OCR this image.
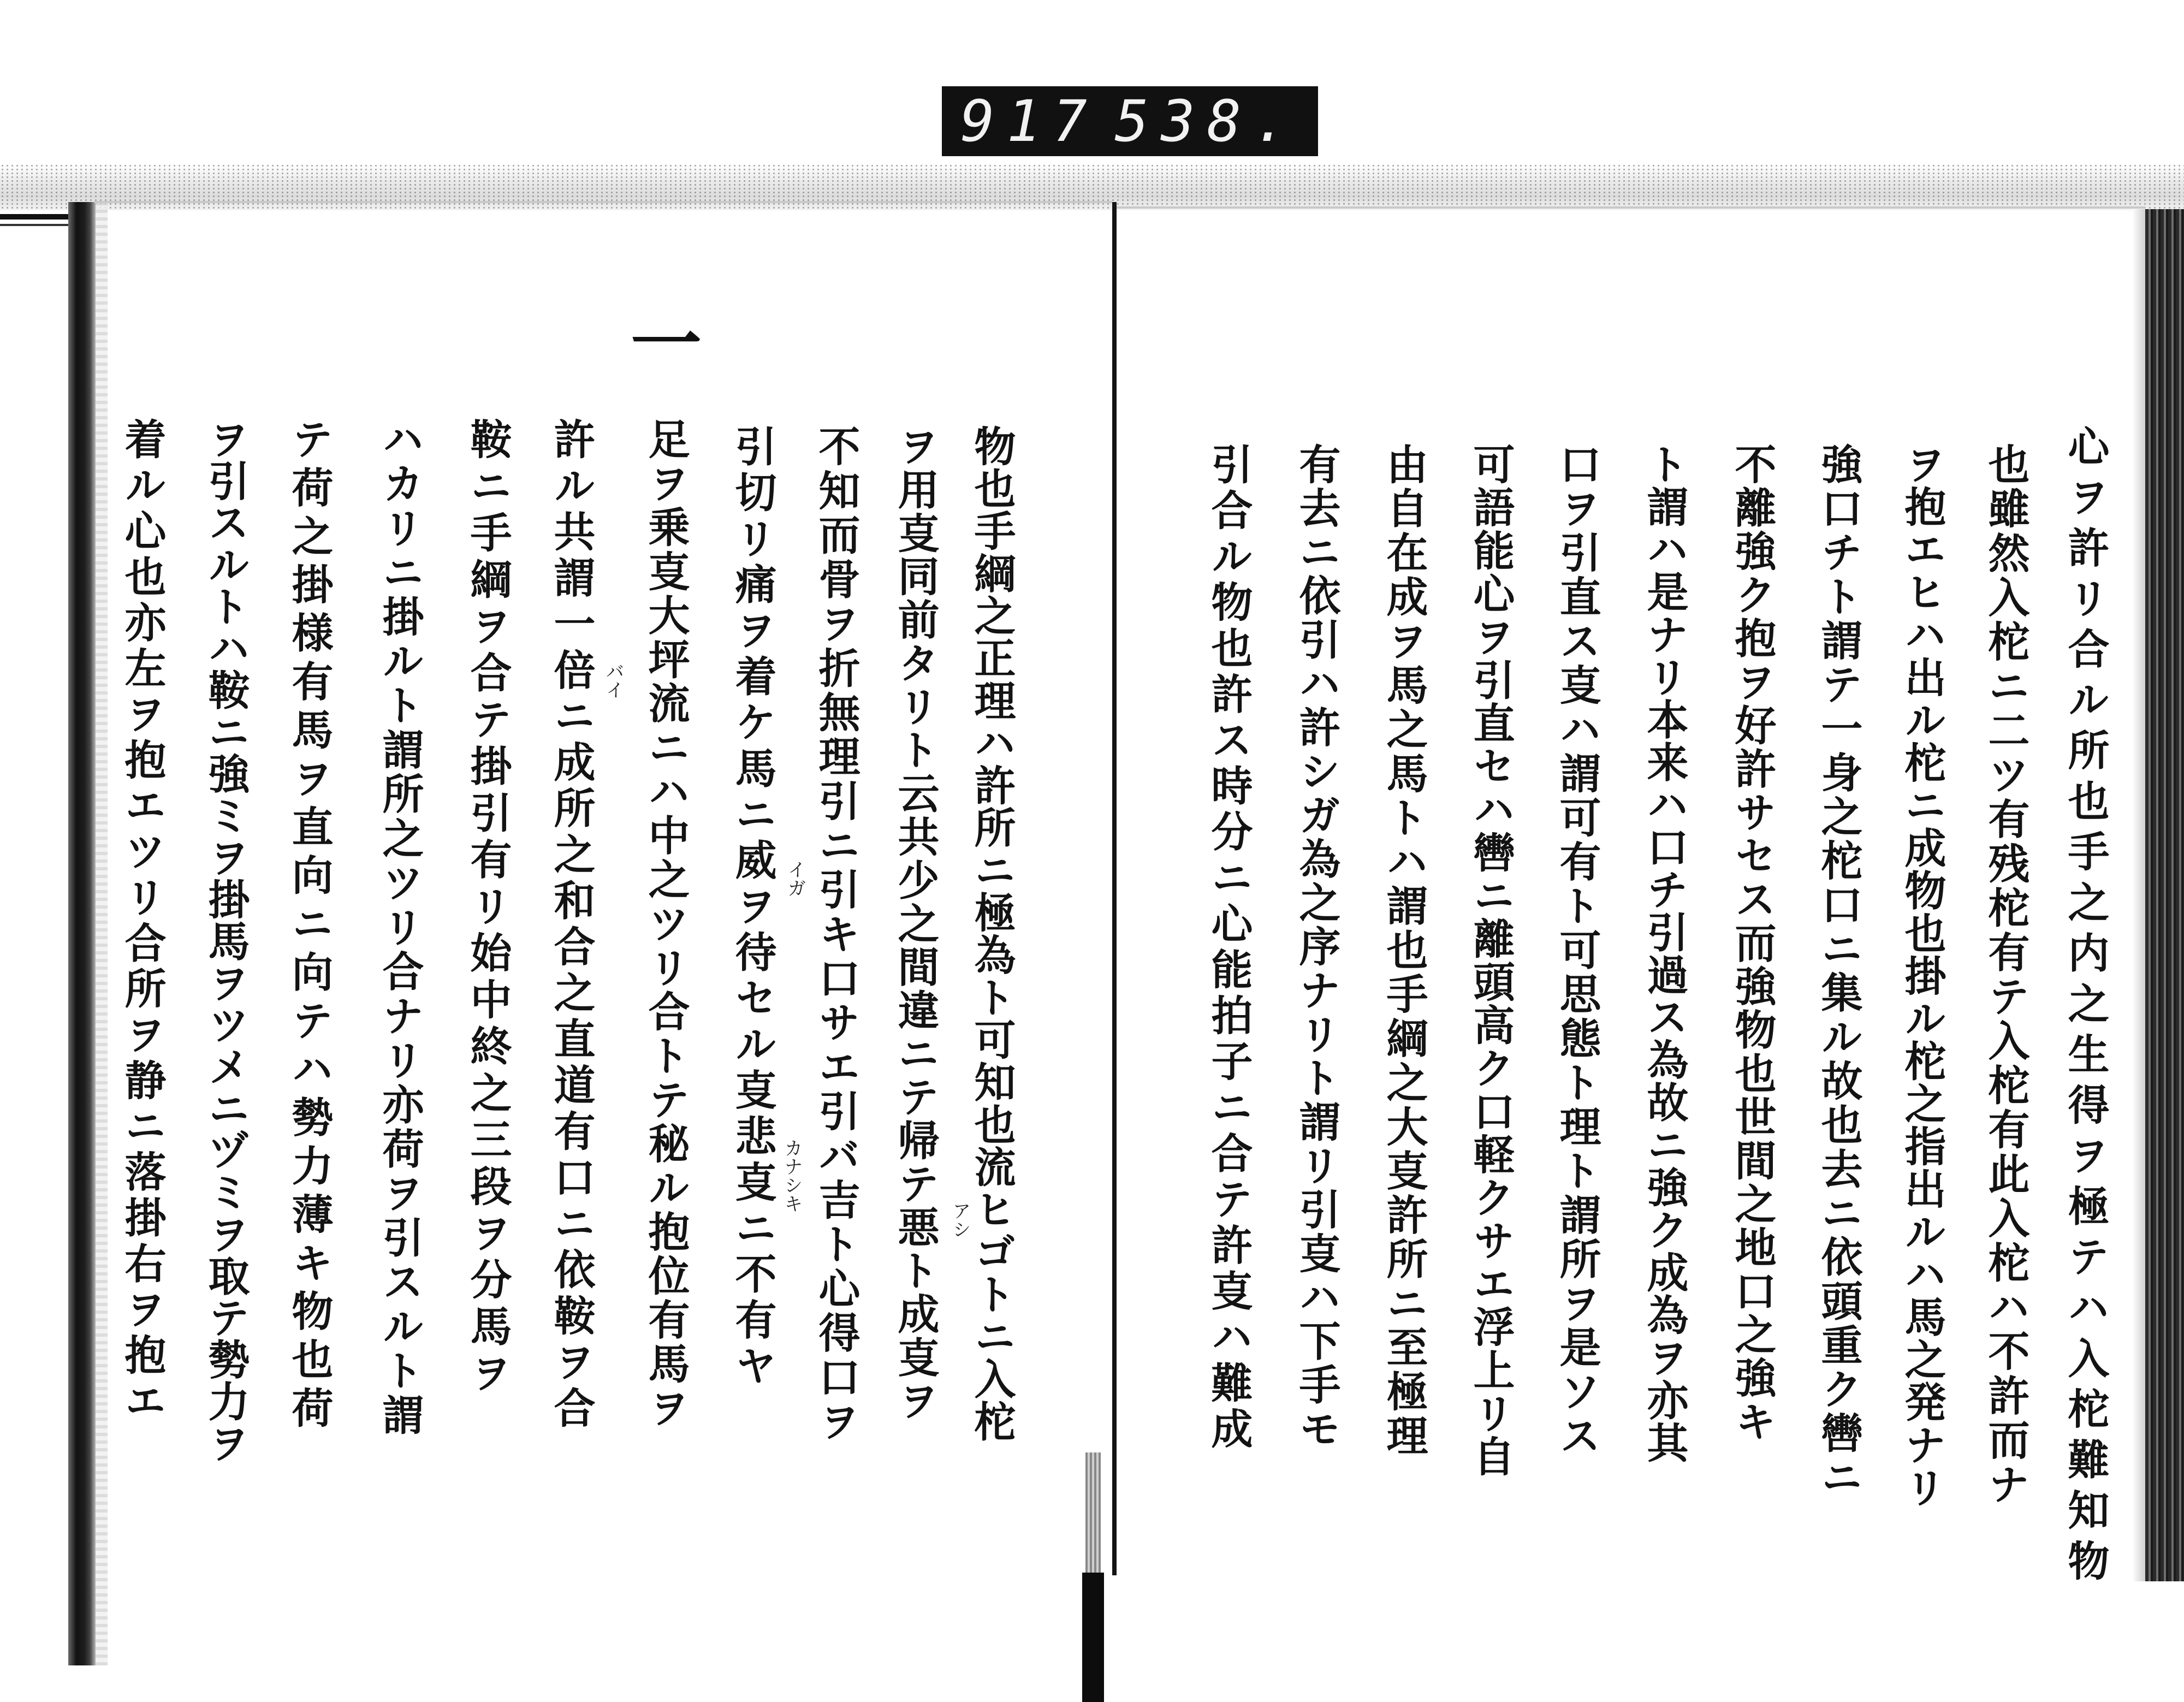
917 538.
心ヲ許リ合ル所也手之内之生得ヲ極テハ入柁難知物
也雖然入柁ニ二ツ有残柁有テ入柁有此入柁ハ不許而ナ
ヲ抱エヒハ出ル柁ニ成物也掛ル柁之指出ルハ馬之発ナリ
強口チト謂テ一身之柁口ニ集ル故也去ニ依頭重ク轡ニ
不離強ク抱ヲ好許サセス而強物也世間之地口之強キ
ト謂ハ是ナリ本来ハ口チ引過ス為故ニ強ク成為ヲ亦其
口ヲ引直ス㕝ハ謂可有ト可思態ト理ト謂所ヲ是ソス
可語能心ヲ引直セハ轡ニ離頭高ク口軽クサエ浮上リ自
由自在成ヲ馬之馬トハ謂也手綱之大㕝許所ニ至極理
有去ニ依引ハ許シガ為之序ナリト謂リ引㕝ハ下手モ
引合ル物也許ス時分ニ心能拍子ニ合テ許㕝ハ難成
物也手綱之正理ハ許所ニ極為ト可知也流ヒゴトニ入柁
ヲ用㕝同前タリト云共少之間違ニテ帰テ悪ト成㕝ヲ
不知而骨ヲ折無理引ニ引キ口サエ引バ吉ト心得口ヲ
引切リ痛ヲ着ケ馬ニ威ヲ待セル㕝悲㕝ニ不有ヤ
一
足ヲ乗㕝大坪流ニハ中之ツリ合トテ秘ル抱位有馬ヲ
許ル共謂一倍ニ成所之和合之直道有口ニ依鞍ヲ合
鞍ニ手綱ヲ合テ掛引有リ始中終之三段ヲ分馬ヲ
ハカリニ掛ルト謂所之ツリ合ナリ亦荷ヲ引スルト謂
テ荷之掛様有馬ヲ直向ニ向テハ勢力薄キ物也荷
ヲ引スルトハ鞍ニ強ミヲ掛馬ヲツメニヅミヲ取テ勢力ヲ
着ル心也亦左ヲ抱エツリ合所ヲ静ニ落掛右ヲ抱エ	アシ
イガ
カナシキ
バイ
